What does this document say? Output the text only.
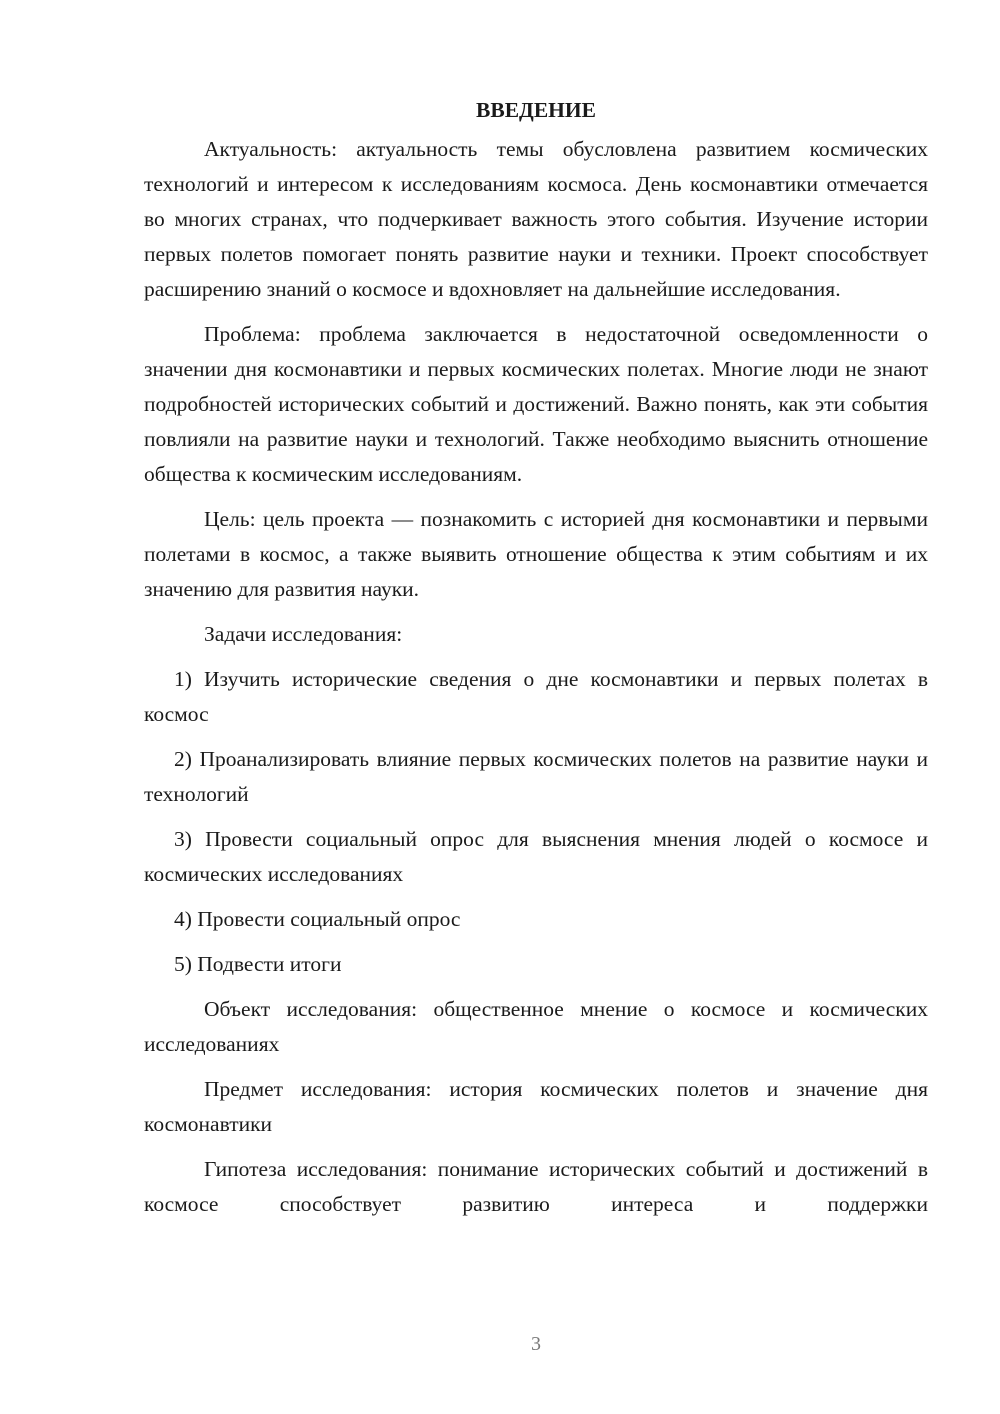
ВВЕДЕНИЕ

Актуальность: актуальность темы обусловлена развитием космических технологий и интересом к исследованиям космоса. День космонавтики отмечается во многих странах, что подчеркивает важность этого события. Изучение истории первых полетов помогает понять развитие науки и техники. Проект способствует расширению знаний о космосе и вдохновляет на дальнейшие исследования.

Проблема: проблема заключается в недостаточной осведомленности о значении дня космонавтики и первых космических полетах. Многие люди не знают подробностей исторических событий и достижений. Важно понять, как эти события повлияли на развитие науки и технологий. Также необходимо выяснить отношение общества к космическим исследованиям.

Цель: цель проекта — познакомить с историей дня космонавтики и первыми полетами в космос, а также выявить отношение общества к этим событиям и их значению для развития науки.

Задачи исследования:

1) Изучить исторические сведения о дне космонавтики и первых полетах в космос

2) Проанализировать влияние первых космических полетов на развитие науки и технологий

3) Провести социальный опрос для выяснения мнения людей о космосе и космических исследованиях

4) Провести социальный опрос

5) Подвести итоги

Объект исследования: общественное мнение о космосе и космических исследованиях

Предмет исследования: история космических полетов и значение дня космонавтики

Гипотеза исследования: понимание исторических событий и достижений в космосе способствует развитию интереса и поддержки

3
